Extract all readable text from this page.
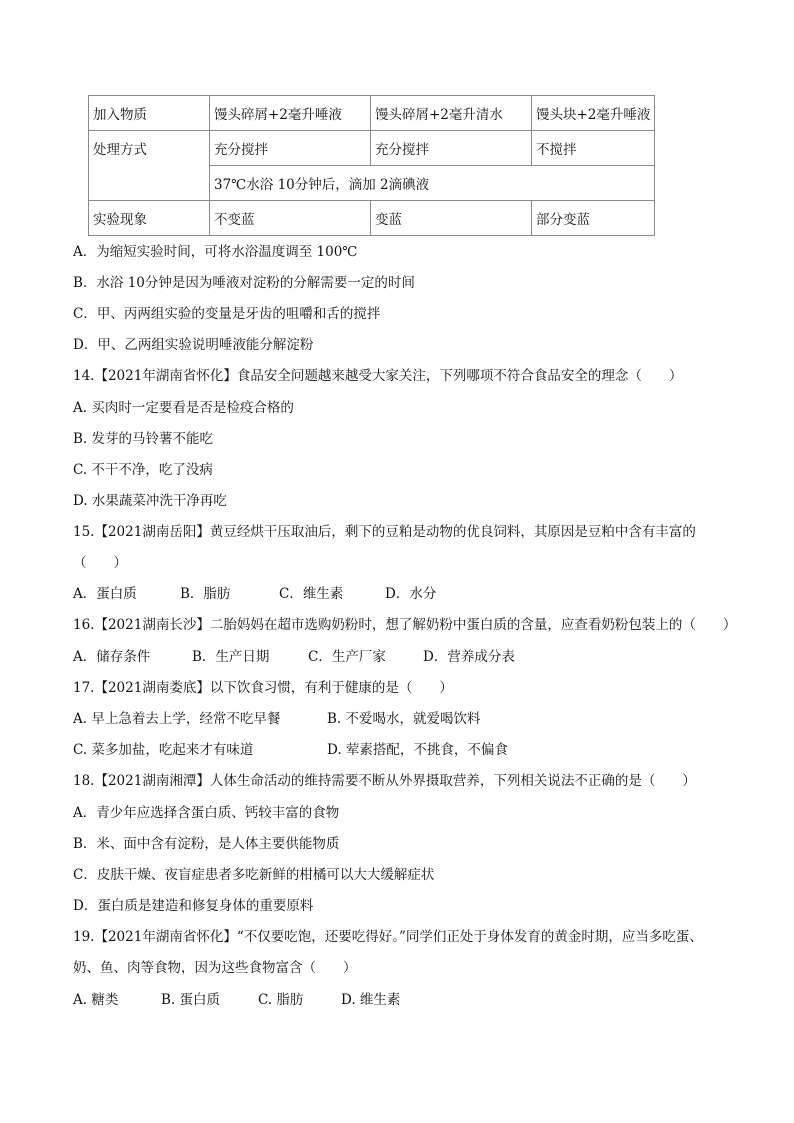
加入物质	馒头碎屑+2毫升唾液	馒头碎屑+2毫升清水	馒头块+2毫升唾液
处理方式	充分搅拌	充分搅拌	不搅拌
	37℃水浴 10分钟后，滴加 2滴碘液		
实验现象	不变蓝	变蓝	部分变蓝
A．为缩短实验时间，可将水浴温度调至 100℃
B．水浴 10分钟是因为唾液对淀粉的分解需要一定的时间
C．甲、丙两组实验的变量是牙齿的咀嚼和舌的搅拌
D．甲、乙两组实验说明唾液能分解淀粉
14.【2021年湖南省怀化】食品安全问题越来越受大家关注，下列哪项不符合食品安全的理念（　　）
A. 买肉时一定要看是否是检疫合格的
B. 发芽的马铃薯不能吃
C. 不干不净，吃了没病
D. 水果蔬菜冲洗干净再吃
15.【2021湖南岳阳】黄豆经烘干压取油后，剩下的豆粕是动物的优良饲料，其原因是豆粕中含有丰富的
（　　）
A．蛋白质	B．脂肪	C．维生素	D．水分
16.【2021湖南长沙】二胎妈妈在超市选购奶粉时，想了解奶粉中蛋白质的含量，应查看奶粉包装上的（　　）
A．储存条件	B．生产日期	C．生产厂家	D．营养成分表
17.【2021湖南娄底】以下饮食习惯，有利于健康的是（　　）
A. 早上急着去上学，经常不吃早餐	B. 不爱喝水，就爱喝饮料
C. 菜多加盐，吃起来才有味道	D. 荤素搭配，不挑食，不偏食
18.【2021湖南湘潭】人体生命活动的维持需要不断从外界摄取营养，下列相关说法不正确的是（　　）
A．青少年应选择含蛋白质、钙较丰富的食物
B．米、面中含有淀粉，是人体主要供能物质
C．皮肤干燥、夜盲症患者多吃新鲜的柑橘可以大大缓解症状
D．蛋白质是建造和修复身体的重要原料
19.【2021年湖南省怀化】“不仅要吃饱，还要吃得好。”同学们正处于身体发育的黄金时期，应当多吃蛋、
奶、鱼、肉等食物，因为这些食物富含（　　）
A. 糖类	B. 蛋白质	C. 脂肪	D. 维生素
